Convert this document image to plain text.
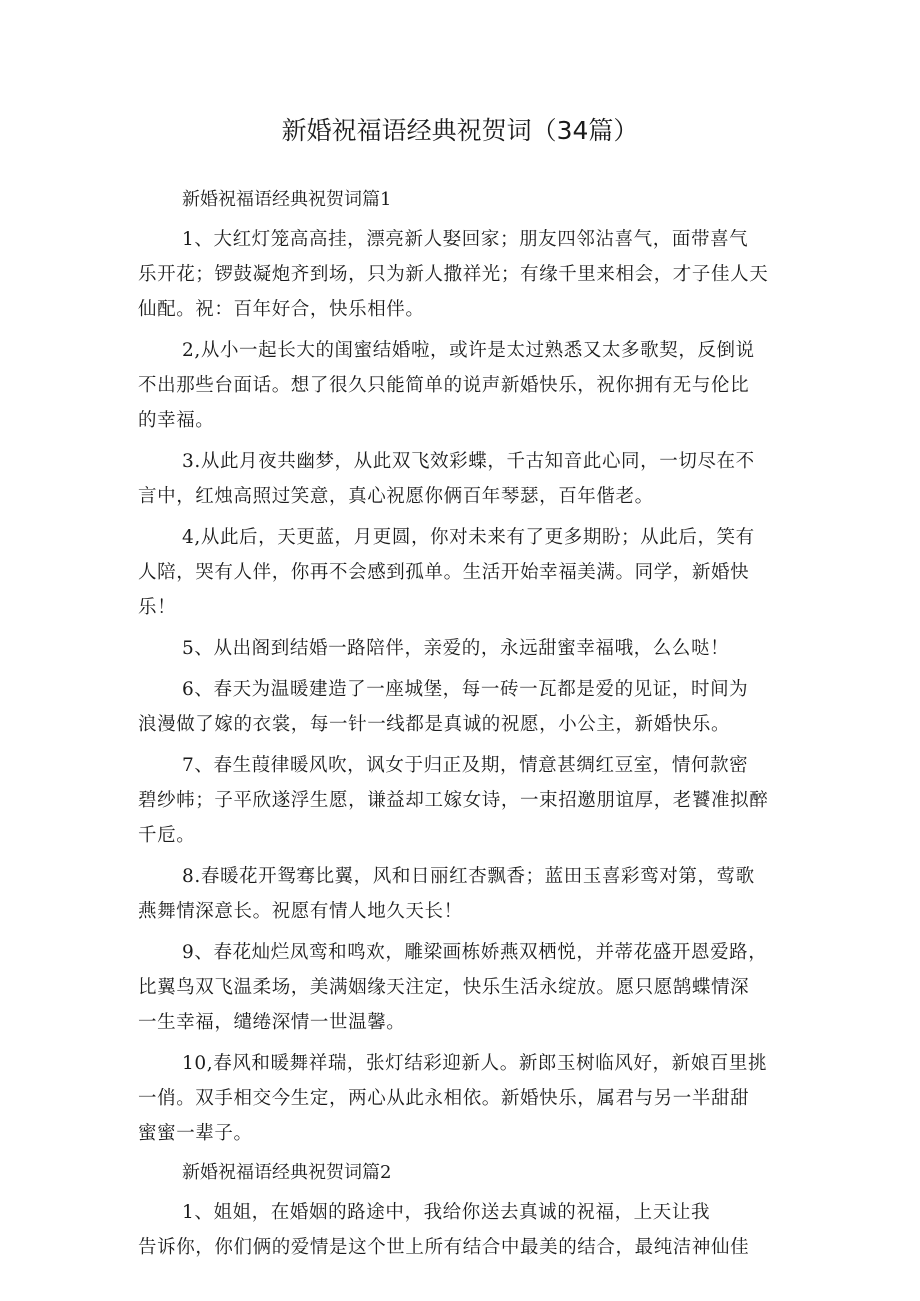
新婚祝福语经典祝贺词（34篇）
新婚祝福语经典祝贺词篇1
1、大红灯笼高高挂，漂亮新人娶回家；朋友四邻沾喜气，面带喜气
乐开花；锣鼓凝炮齐到场，只为新人撒祥光；有缘千里来相会，才子佳人天
仙配。祝：百年好合，快乐相伴。
2,从小一起长大的闺蜜结婚啦，或许是太过熟悉又太多歌契，反倒说
不出那些台面话。想了很久只能简单的说声新婚快乐，祝你拥有无与伦比
的幸福。
3.从此月夜共幽梦，从此双飞效彩蝶，千古知音此心同，一切尽在不
言中，红烛高照过笑意，真心祝愿你俩百年琴瑟，百年偕老。
4,从此后，天更蓝，月更圆，你对未来有了更多期盼；从此后，笑有
人陪，哭有人伴，你再不会感到孤单。生活开始幸福美满。同学，新婚快
乐！
5、从出阁到结婚一路陪伴，亲爱的，永远甜蜜幸福哦，么么哒！
6、春天为温暖建造了一座城堡，每一砖一瓦都是爱的见证，时间为
浪漫做了嫁的衣裳，每一针一线都是真诚的祝愿，小公主，新婚快乐。
7、春生葭律暖风吹，讽女于归正及期，情意甚绸红豆室，情何款密
碧纱帏；子平欣遂浮生愿，谦益却工嫁女诗，一束招邀朋谊厚，老饕准拟醉
千卮。
8.春暖花开鸳骞比翼，风和日丽红杏飘香；蓝田玉喜彩鸾对第，莺歌
燕舞情深意长。祝愿有情人地久天长！
9、春花灿烂凤鸾和鸣欢，雕梁画栋娇燕双栖悦，并蒂花盛开恩爱路，
比翼鸟双飞温柔场，美满姻缘天注定，快乐生活永绽放。愿只愿鹄蝶情深
一生幸福，缱绻深情一世温馨。
10,春风和暖舞祥瑞，张灯结彩迎新人。新郎玉树临风好，新娘百里挑
一俏。双手相交今生定，两心从此永相依。新婚快乐，属君与另一半甜甜
蜜蜜一辈子。
新婚祝福语经典祝贺词篇2
1、姐姐，在婚姻的路途中，我给你送去真诚的祝福，上天让我
告诉你，你们俩的爱情是这个世上所有结合中最美的结合，最纯洁神仙佳
